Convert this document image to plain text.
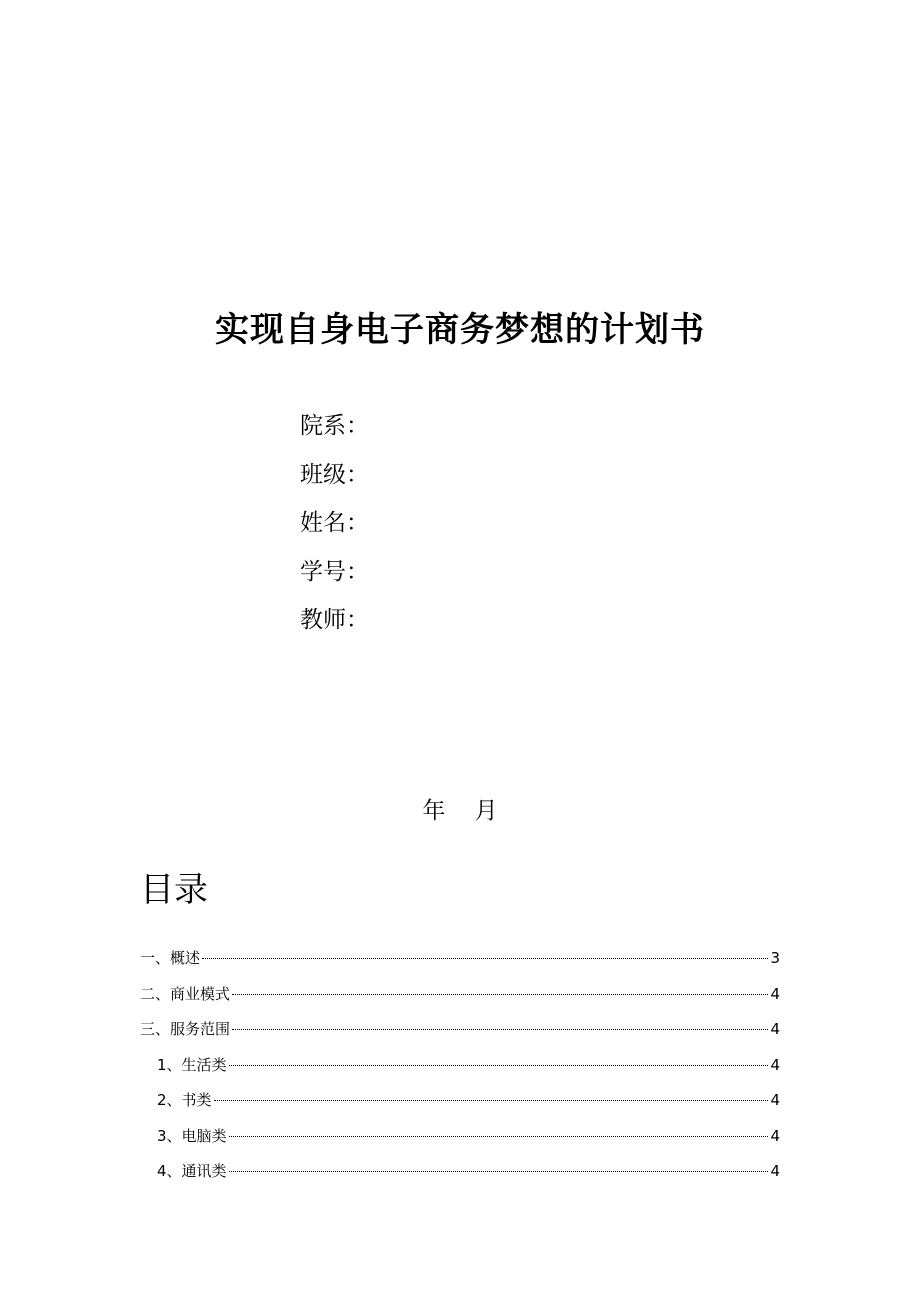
实现自身电子商务梦想的计划书
院系：
班级：
姓名：
学号：
教师：
年    月
目录
一、概述	3
二、商业模式	4
三、服务范围	4
1、生活类	4
2、书类	4
3、电脑类	4
4、通讯类	4
